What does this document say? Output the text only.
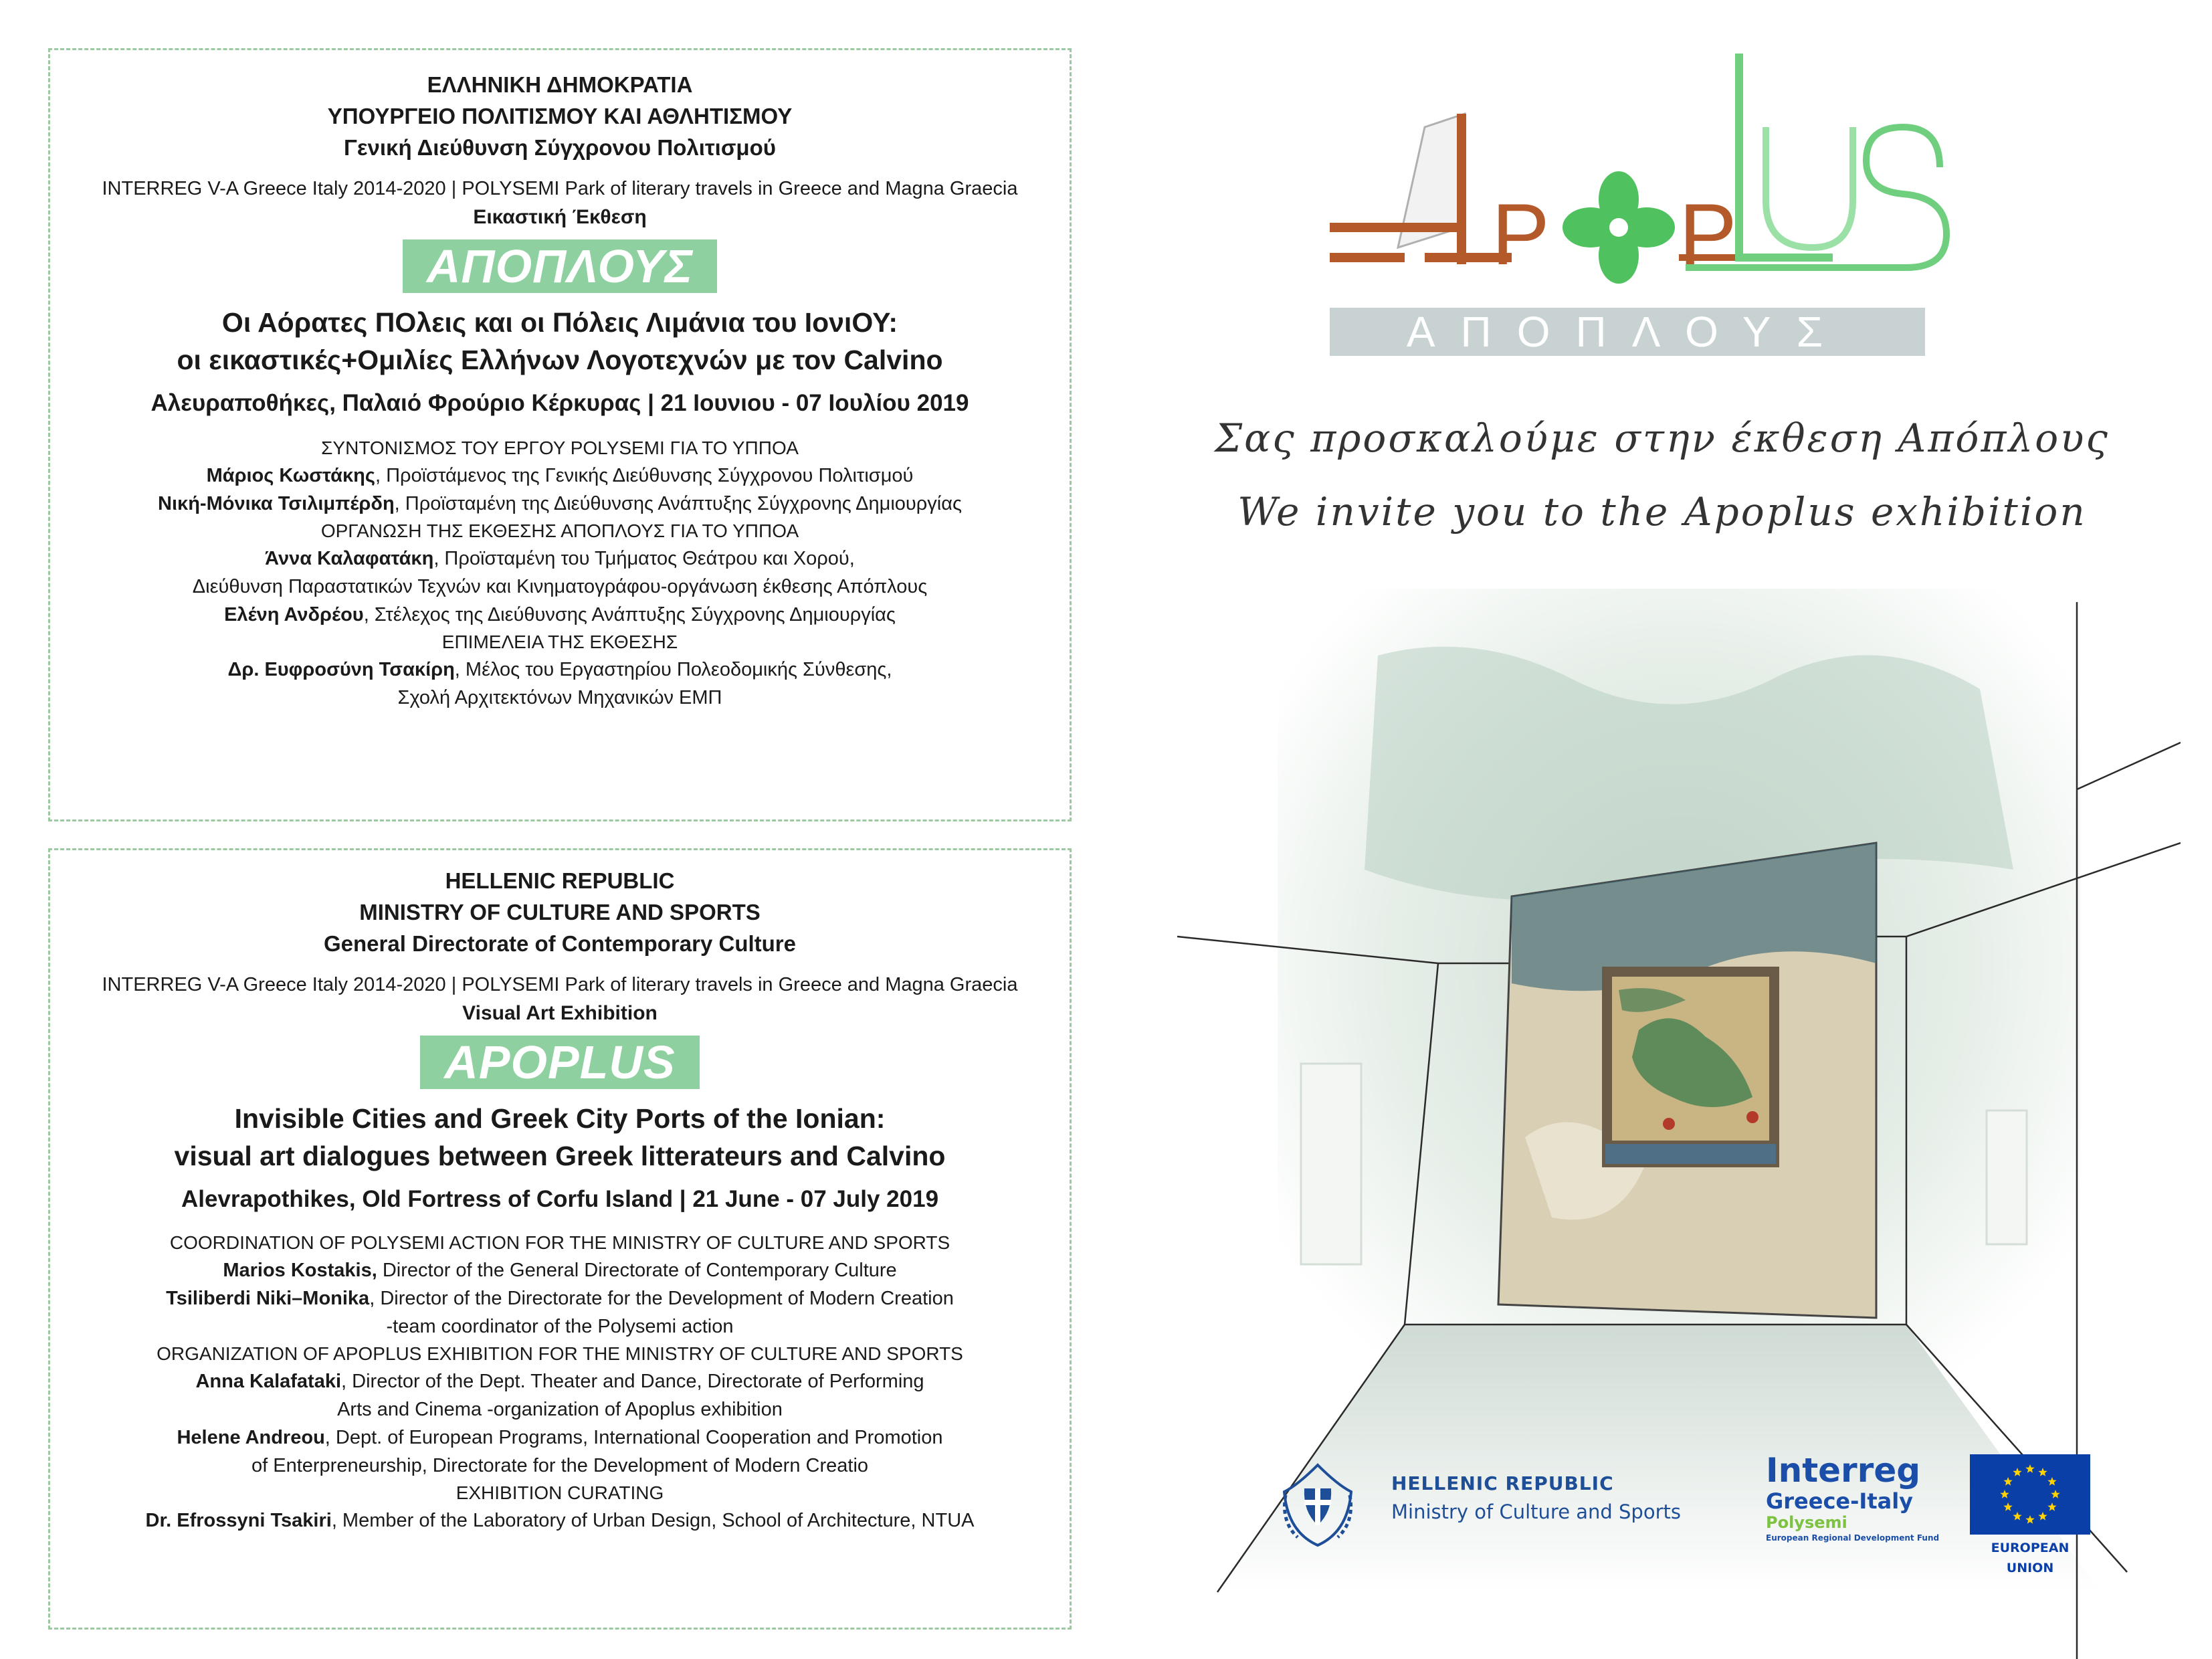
ΕΛΛΗΝΙΚΗ ΔΗΜΟΚΡΑΤΙΑ
ΥΠΟΥΡΓΕΙΟ ΠΟΛΙΤΙΣΜΟΥ ΚΑΙ ΑΘΛΗΤΙΣΜΟΥ
Γενική Διεύθυνση Σύγχρονου Πολιτισμού
INTERREG V-A Greece Italy 2014-2020 | POLYSEMI Park of literary travels in Greece and Magna Graecia
Εικαστική Έκθεση
ΑΠΟΠΛΟΥΣ
Οι Αόρατες ΠΟλεις και οι Πόλεις Λιμάνια του ΙονιΟΥ:
οι εικαστικές+Ομιλίες Ελλήνων Λογοτεχνών με τον Calvino
Αλευραποθήκες, Παλαιό Φρούριο Κέρκυρας | 21 Ιουνιου - 07 Ιουλίου 2019
ΣΥΝΤΟΝΙΣΜΟΣ ΤΟΥ ΕΡΓΟΥ POLYSEMI ΓΙΑ ΤΟ ΥΠΠΟΑ
Μάριος Κωστάκης, Προϊστάμενος της Γενικής Διεύθυνσης Σύγχρονου Πολιτισμού
Νική-Μόνικα Τσιλιμπέρδη, Προϊσταμένη της Διεύθυνσης Ανάπτυξης Σύγχρονης Δημιουργίας
ΟΡΓΑΝΩΣΗ ΤΗΣ ΕΚΘΕΣΗΣ ΑΠΟΠΛΟΥΣ ΓΙΑ ΤΟ ΥΠΠΟΑ
Άννα Καλαφατάκη, Προϊσταμένη του Τμήματος Θεάτρου και Χορού,
Διεύθυνση Παραστατικών Τεχνών και Κινηματογράφου-οργάνωση έκθεσης Απόπλους
Ελένη Ανδρέου, Στέλεχος της Διεύθυνσης Ανάπτυξης Σύγχρονης Δημιουργίας
ΕΠΙΜΕΛΕΙΑ ΤΗΣ ΕΚΘΕΣΗΣ
Δρ. Ευφροσύνη Τσακίρη, Μέλος του Εργαστηρίου Πολεοδομικής Σύνθεσης,
Σχολή Αρχιτεκτόνων Μηχανικών ΕΜΠ
HELLENIC REPUBLIC
MINISTRY OF CULTURE AND SPORTS
General Directorate of Contemporary Culture
INTERREG V-A Greece Italy 2014-2020 | POLYSEMI Park of literary travels in Greece and Magna Graecia
Visual Art Exhibition
APOPLUS
Invisible Cities and Greek City Ports of the Ionian:
visual art dialogues between Greek litterateurs and Calvino
Alevrapothikes, Old Fortress of Corfu Island | 21 June - 07 July 2019
COORDINATION OF POLYSEMI ACTION FOR THE MINISTRY OF CULTURE AND SPORTS
Marios Kostakis, Director of the General Directorate of Contemporary Culture
Tsiliberdi Niki–Monika, Director of the Directorate for the Development of Modern Creation
-team coordinator of the Polysemi action
ORGANIZATION OF APOPLUS EXHIBITION FOR THE MINISTRY OF CULTURE AND SPORTS
Anna Kalafataki, Director of the Dept. Theater and Dance, Directorate of Performing
Arts and Cinema -organization of Apoplus exhibition
Helene Andreou, Dept. of European Programs, International Cooperation and Promotion
of Enterpreneurship, Directorate for the Development of Modern Creatio
EXHIBITION CURATING
Dr. Efrossyni Tsakiri, Member of the Laboratory of Urban Design, School of Architecture, NTUA
P P
ΑΠΟΠΛΟΥΣ
Σας προσκαλούμε στην έκθεση Απόπλους
We invite you to the Apoplus exhibition
HELLENIC REPUBLIC
Ministry of Culture and Sports
Interreg
Greece-Italy
Polysemi
European Regional Development Fund
EUROPEAN UNION
